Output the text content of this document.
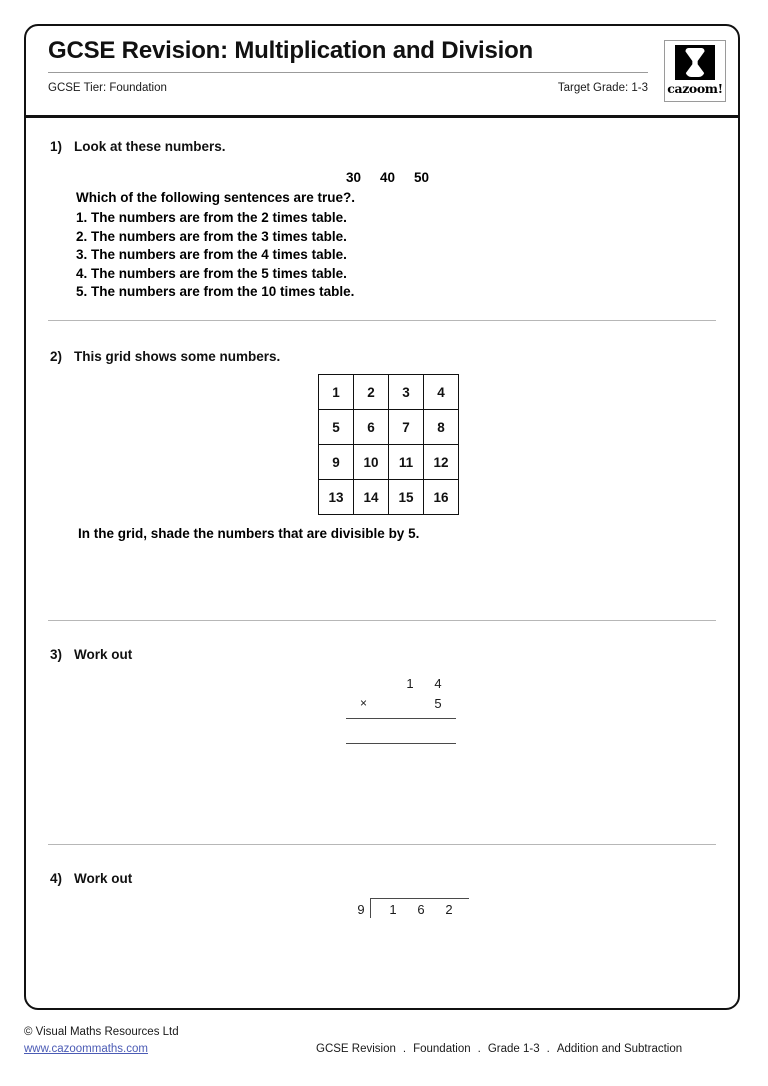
GCSE Revision: Multiplication and Division
GCSE Tier: Foundation	Target Grade: 1-3 cazoom!
1) Look at these numbers.
30 40 50
Which of the following sentences are true?.
1. The numbers are from the 2 times table.
2. The numbers are from the 3 times table.
3. The numbers are from the 4 times table.
4. The numbers are from the 5 times table.
5. The numbers are from the 10 times table.
2) This grid shows some numbers.
1	2	3	4
5	6	7	8
9	10	11	12
13	14	15	16
In the grid, shade the numbers that are divisible by 5.
3) Work out
1 4
×	5
4) Work out
9 1 6 2
© Visual Maths Resources Ltd
www.cazoommaths.com	GCSE Revision . Foundation . Grade 1-3 . Addition and Subtraction
